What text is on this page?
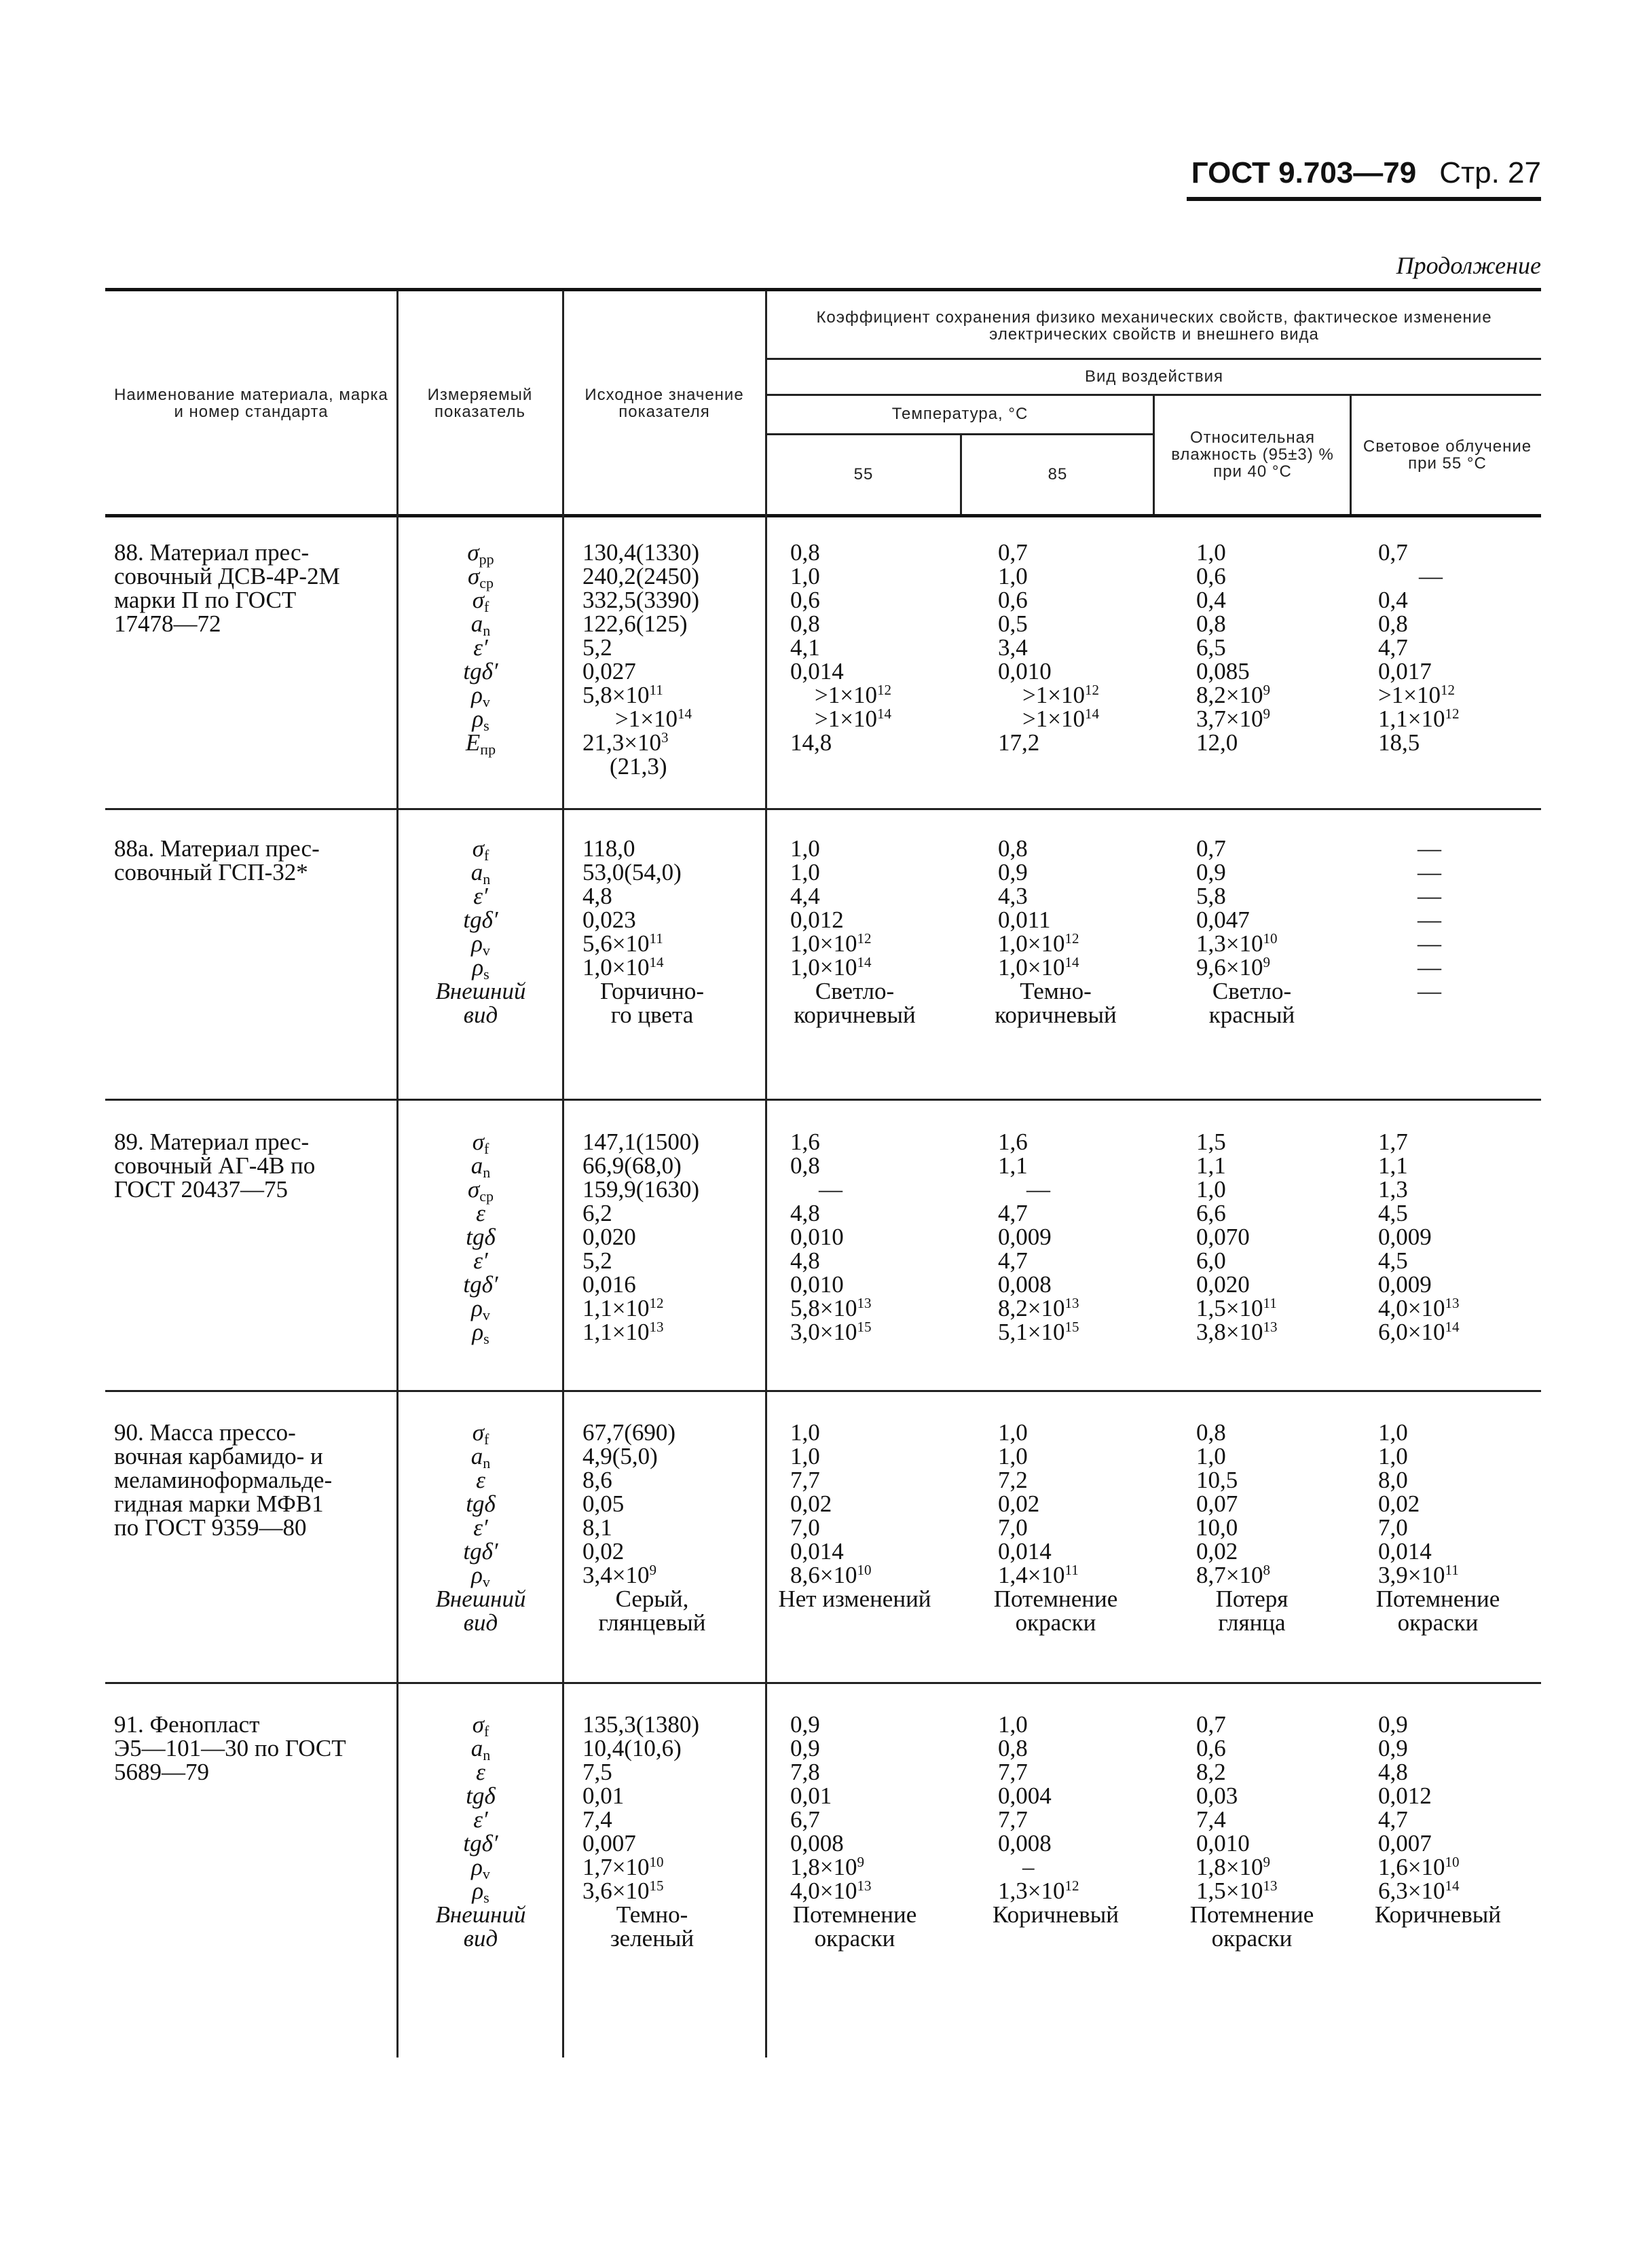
ГОСТ 9.703—79 Стр. 27
Продолжение
Наименование материала, марка и номер стандарта
Измеряемый показатель
Исходное значение показателя
Коэффициент сохранения физико механических свойств, фактическое изменение электрических свойств и внешнего вида
Вид воздействия
Температура, °С
55	85
Относительная влажность (95±3) % при 40 °С
Световое облучение при 55 °С
88. Материал прес-
совочный ДСВ-4Р-2М
марки П по ГОСТ
17478—72
$\sigma_{рр}$
$\sigma_{ср}$
$\sigma_f$
$a_n$
ε′
tgδ′
$\rho_v$
$\rho_s$
$E_{пр}$
130,4(1330)
240,2(2450)
332,5(3390)
122,6(125)
5,2
0,027
$5,8\times 10^{11}$
$>1\times 10^{14}$
$21,3\times 10^3$
(21,3)
0,8
1,0
0,6
0,8
4,1
0,014
$>1\times 10^{12}$
$>1\times 10^{14}$
14,8
0,7
1,0
0,6
0,5
3,4
0,010
$>1\times 10^{12}$
$>1\times 10^{14}$
17,2
1,0
0,6
0,4
0,8
6,5
0,085
$8,2\times 10^9$
$3,7\times 10^9$
12,0
0,7
—
0,4
0,8
4,7
0,017
$>1\times 10^{12}$
$1,1\times 10^{12}$
18,5
88а. Материал прес-
совочный ГСП-32*
$\sigma_f$
$a_n$
ε′
tgδ′
$\rho_v$
$\rho_s$
Внешний
вид
118,0
53,0(54,0)
4,8
0,023
$5,6\times 10^{11}$
$1,0\times 10^{14}$
Горчично-
го цвета
1,0
1,0
4,4
0,012
$1,0\times 10^{12}$
$1,0\times 10^{14}$
Светло-
коричневый
0,8
0,9
4,3
0,011
$1,0\times 10^{12}$
$1,0\times 10^{14}$
Темно-
коричневый
0,7
0,9
5,8
0,047
$1,3\times 10^{10}$
$9,6\times 10^9$
Светло-
красный
—
—
—
—
—
—
—
89. Материал прес-
совочный АГ-4В по
ГОСТ 20437—75
$\sigma_f$
$a_n$
$\sigma_{ср}$
ε
tgδ
ε′
tgδ′
$\rho_v$
$\rho_s$
147,1(1500)
66,9(68,0)
159,9(1630)
6,2
0,020
5,2
0,016
$1,1\times 10^{12}$
$1,1\times 10^{13}$
1,6
0,8
—
4,8
0,010
4,8
0,010
$5,8\times 10^{13}$
$3,0\times 10^{15}$
1,6
1,1
—
4,7
0,009
4,7
0,008
$8,2\times 10^{13}$
$5,1\times 10^{15}$
1,5
1,1
1,0
6,6
0,070
6,0
0,020
$1,5\times 10^{11}$
$3,8\times 10^{13}$
1,7
1,1
1,3
4,5
0,009
4,5
0,009
$4,0\times 10^{13}$
$6,0\times 10^{14}$
90. Масса прессо-
вочная карбамидо- и
меламиноформальде-
гидная марки МФВ1
по ГОСТ 9359—80
$\sigma_f$
$a_n$
ε
tgδ
ε′
tgδ′
$\rho_v$
Внешний
вид
67,7(690)
4,9(5,0)
8,6
0,05
8,1
0,02
$3,4\times 10^9$
Серый,
глянцевый
1,0
1,0
7,7
0,02
7,0
0,014
$8,6\times 10^{10}$
Нет изменений
1,0
1,0
7,2
0,02
7,0
0,014
$1,4\times 10^{11}$
Потемнение
окраски
0,8
1,0
10,5
0,07
10,0
0,02
$8,7\times 10^8$
Потеря
глянца
1,0
1,0
8,0
0,02
7,0
0,014
$3,9\times 10^{11}$
Потемнение
окраски
91. Фенопласт
Э5—101—30 по ГОСТ
5689—79
$\sigma_f$
$a_n$
ε
tgδ
ε′
tgδ′
$\rho_v$
$\rho_s$
Внешний
вид
135,3(1380)
10,4(10,6)
7,5
0,01
7,4
0,007
$1,7\times 10^{10}$
$3,6\times 10^{15}$
Темно-
зеленый
0,9
0,9
7,8
0,01
6,7
0,008
$1,8\times 10^9$
$4,0\times 10^{13}$
Потемнение
окраски
1,0
0,8
7,7
0,004
7,7
0,008
–
$1,3\times 10^{12}$
Коричневый
0,7
0,6
8,2
0,03
7,4
0,010
$1,8\times 10^9$
$1,5\times 10^{13}$
Потемнение
окраски
0,9
0,9
4,8
0,012
4,7
0,007
$1,6\times 10^{10}$
$6,3\times 10^{14}$
Коричневый
